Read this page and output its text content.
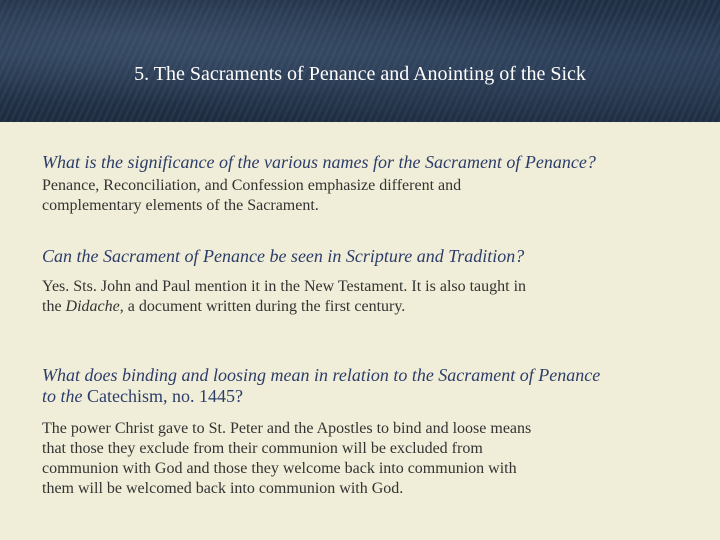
5. The Sacraments of Penance and Anointing of the Sick
What is the significance of the various names for the Sacrament of Penance?
Penance, Reconciliation, and Confession emphasize different and
complementary elements of the Sacrament.
Can the Sacrament of Penance be seen in Scripture and Tradition?
Yes. Sts. John and Paul mention it in the New Testament. It is also taught in
the Didache, a document written during the first century.
What does binding and loosing mean in relation to the Sacrament of Penance
to the Catechism, no. 1445?
The power Christ gave to St. Peter and the Apostles to bind and loose means
that those they exclude from their communion will be excluded from
communion with God and those they welcome back into communion with
them will be welcomed back into communion with God.
